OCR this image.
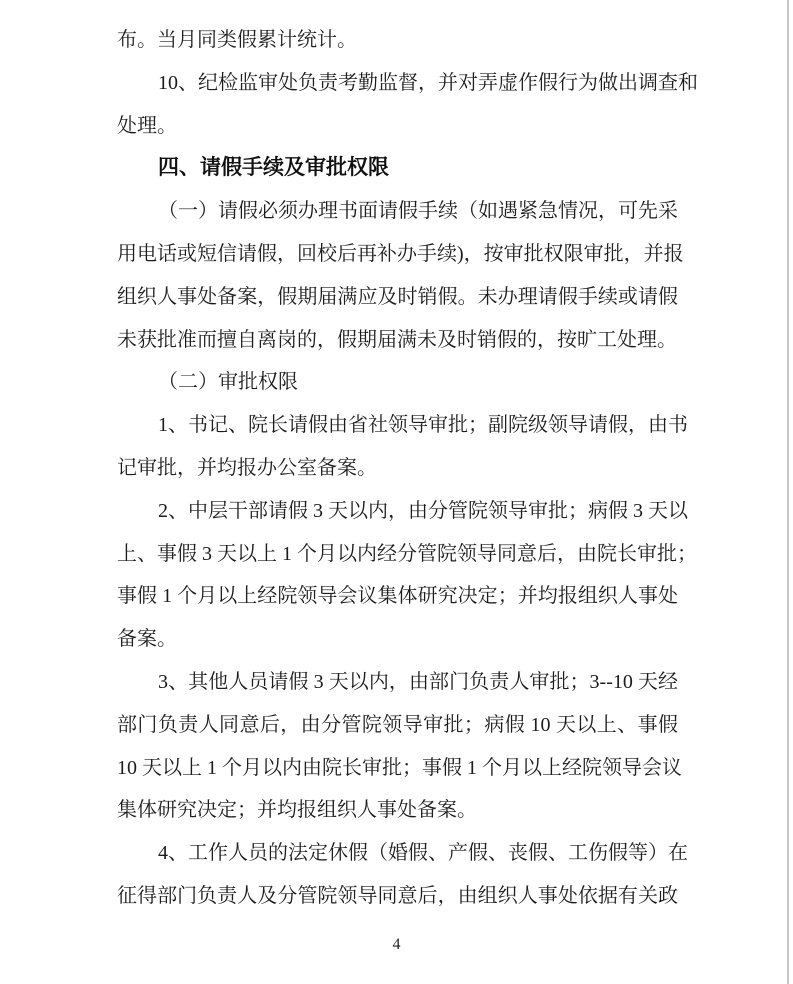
布。当月同类假累计统计。
10、纪检监审处负责考勤监督，并对弄虚作假行为做出调查和
处理。
四、请假手续及审批权限
（一）请假必须办理书面请假手续（如遇紧急情况，可先采
用电话或短信请假，回校后再补办手续)，按审批权限审批，并报
组织人事处备案，假期届满应及时销假。未办理请假手续或请假
未获批准而擅自离岗的，假期届满未及时销假的，按旷工处理。
（二）审批权限
1、书记、院长请假由省社领导审批；副院级领导请假，由书
记审批，并均报办公室备案。
2、中层干部请假 3 天以内，由分管院领导审批；病假 3 天以
上、事假 3 天以上 1 个月以内经分管院领导同意后，由院长审批；
事假 1 个月以上经院领导会议集体研究决定；并均报组织人事处
备案。
3、其他人员请假 3 天以内，由部门负责人审批；3--10 天经
部门负责人同意后，由分管院领导审批；病假 10 天以上、事假
10 天以上 1 个月以内由院长审批；事假 1 个月以上经院领导会议
集体研究决定；并均报组织人事处备案。
4、工作人员的法定休假（婚假、产假、丧假、工伤假等）在
征得部门负责人及分管院领导同意后，由组织人事处依据有关政
4
